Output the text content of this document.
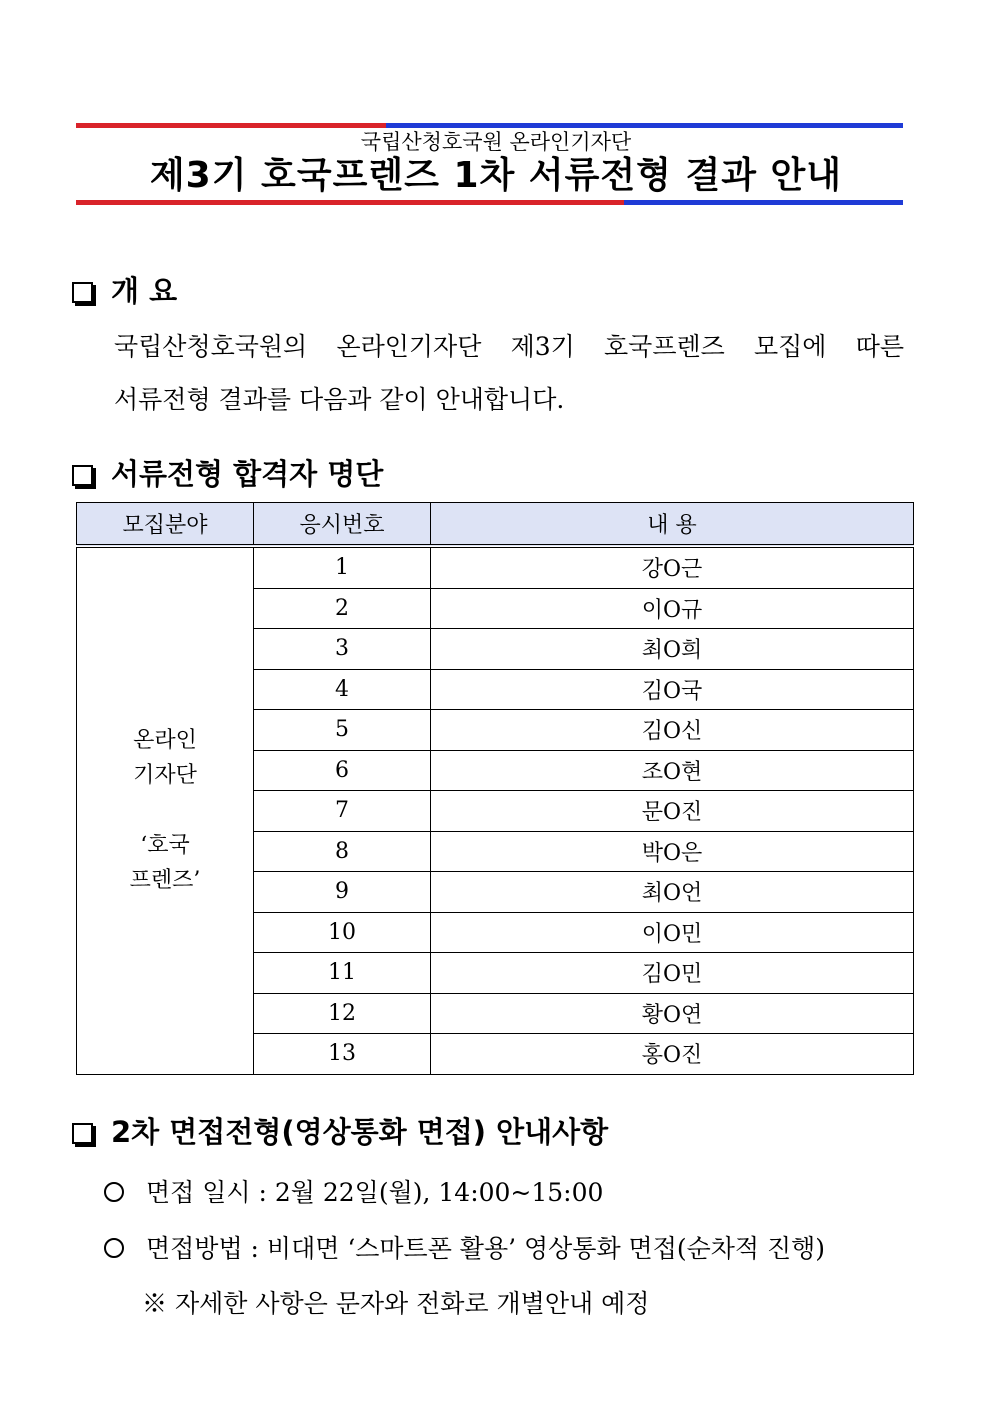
국립산청호국원 온라인기자단
제3기 호국프렌즈 1차 서류전형 결과 안내
개 요
국립산청호국원의 온라인기자단 제3기 호국프렌즈 모집에 따른
서류전형 결과를 다음과 같이 안내합니다.
서류전형 합격자 명단
모집분야	응시번호	내 용

온라인
기자단

‘호국
프렌즈’	1	강O근
	2	이O규
	3	최O희
	4	김O국
	5	김O신
	6	조O현
	7	문O진
	8	박O은
	9	최O언
	10	이O민
	11	김O민
	12	황O연
	13	홍O진
2차 면접전형(영상통화 면접) 안내사항
면접 일시 : 2월 22일(월), 14:00~15:00
면접방법 : 비대면 ‘스마트폰 활용’ 영상통화 면접(순차적 진행)
※ 자세한 사항은 문자와 전화로 개별안내 예정
